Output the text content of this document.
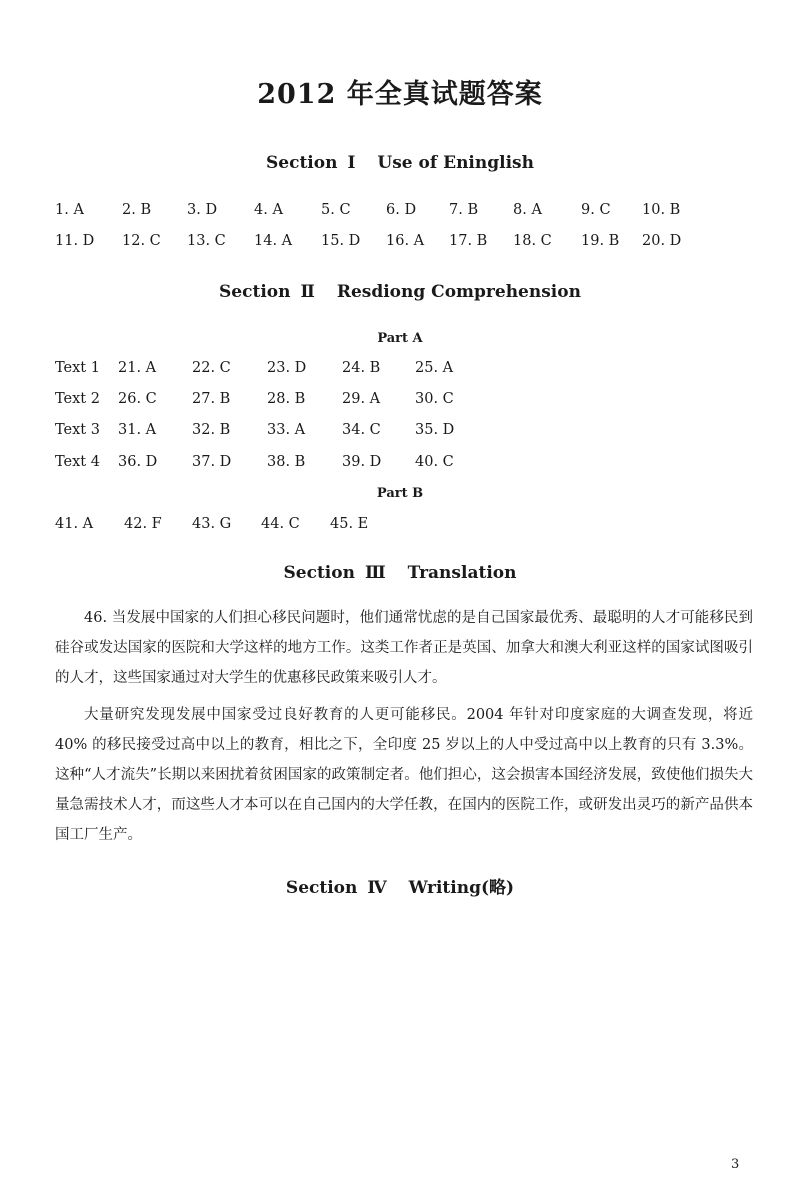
2012 年全真试题答案
Section Ⅰ Use of Eninglish
1. A	2. B 3. D	4. A	5. C 6. D 7. B 8. A	9. C 10. B
11. D 12. C 13. C 14. A 15. D 16. A 17. B 18. C 19. B 20. D
Section Ⅱ Resdiong Comprehension
Part A
Text 1 21. A 22. C 23. D 24. B 25. A
Text 2 26. C 27. B	28. B	29. A 30. C
Text 3 31. A 32. B	33. A	34. C 35. D
Text 4 36. D 37. D 38. B	39. D 40. C
Part B
41. A 42. F 43. G 44. C 45. E
Section Ⅲ Translation
46. 当发展中国家的人们担心移民问题时，他们通常忧虑的是自己国家最优秀、最聪明的人才可能移民到硅谷或发达国家的医院和大学这样的地方工作。这类工作者正是英国、加拿大和澳大利亚这样的国家试图吸引的人才，这些国家通过对大学生的优惠移民政策来吸引人才。
大量研究发现发展中国家受过良好教育的人更可能移民。2004 年针对印度家庭的大调查发现，将近 40% 的移民接受过高中以上的教育，相比之下，全印度 25 岁以上的人中受过高中以上教育的只有 3.3%。这种“人才流失”长期以来困扰着贫困国家的政策制定者。他们担心，这会损害本国经济发展，致使他们损失大量急需技术人才，而这些人才本可以在自己国内的大学任教，在国内的医院工作，或研发出灵巧的新产品供本国工厂生产。
Section Ⅳ Writing(略)
3
